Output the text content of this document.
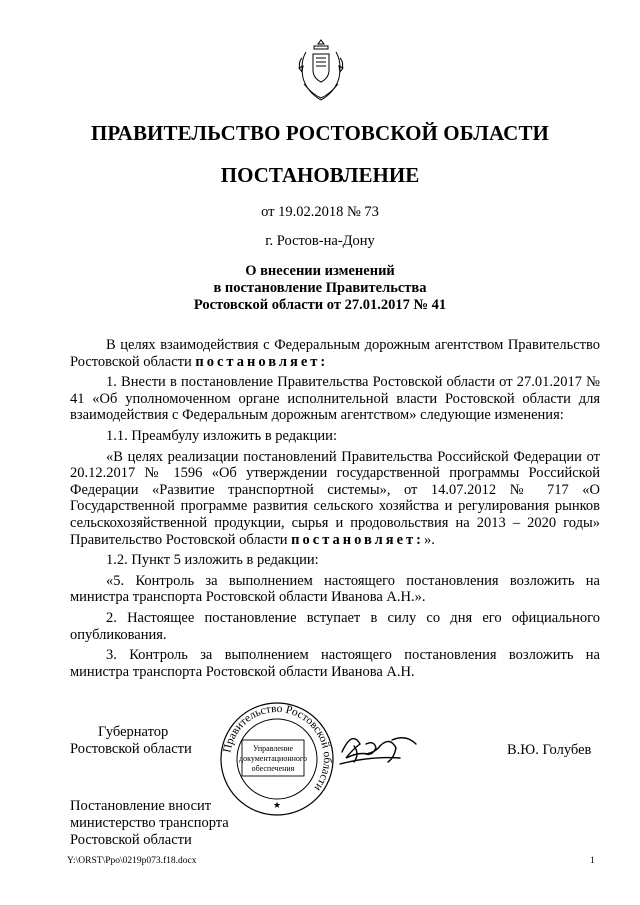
ПРАВИТЕЛЬСТВО РОСТОВСКОЙ ОБЛАСТИ
ПОСТАНОВЛЕНИЕ
от 19.02.2018 № 73
г. Ростов-на-Дону
О внесении изменений
в постановление Правительства
Ростовской области от 27.01.2017 № 41

В целях взаимодействия с Федеральным дорожным агентством Правительство Ростовской области постановляет:

1. Внести в постановление Правительства Ростовской области от 27.01.2017 № 41 «Об уполномоченном органе исполнительной власти Ростовской области для взаимодействия с Федеральным дорожным агентством» следующие изменения:

1.1. Преамбулу изложить в редакции:

«В целях реализации постановлений Правительства Российской Федерации от 20.12.2017 № 1596 «Об утверждении государственной программы Российской Федерации «Развитие транспортной системы», от 14.07.2012 № 717 «О Государственной программе развития сельского хозяйства и регулирования рынков сельскохозяйственной продукции, сырья и продовольствия на 2013 – 2020 годы» Правительство Ростовской области постановляет:».

1.2. Пункт 5 изложить в редакции:

«5. Контроль за выполнением настоящего постановления возложить на министра транспорта Ростовской области Иванова А.Н.».

2. Настоящее постановление вступает в силу со дня его официального опубликования.

3. Контроль за выполнением настоящего постановления возложить на министра транспорта Ростовской области Иванова А.Н.

Губернатор
Ростовской области	Правительство Ростовской области
Управление
документационного
обеспечения
★
В.Ю. Голубев
Постановление вносит
министерство транспорта
Ростовской области
Y:\ORST\Ppo\0219p073.f18.docx	1
